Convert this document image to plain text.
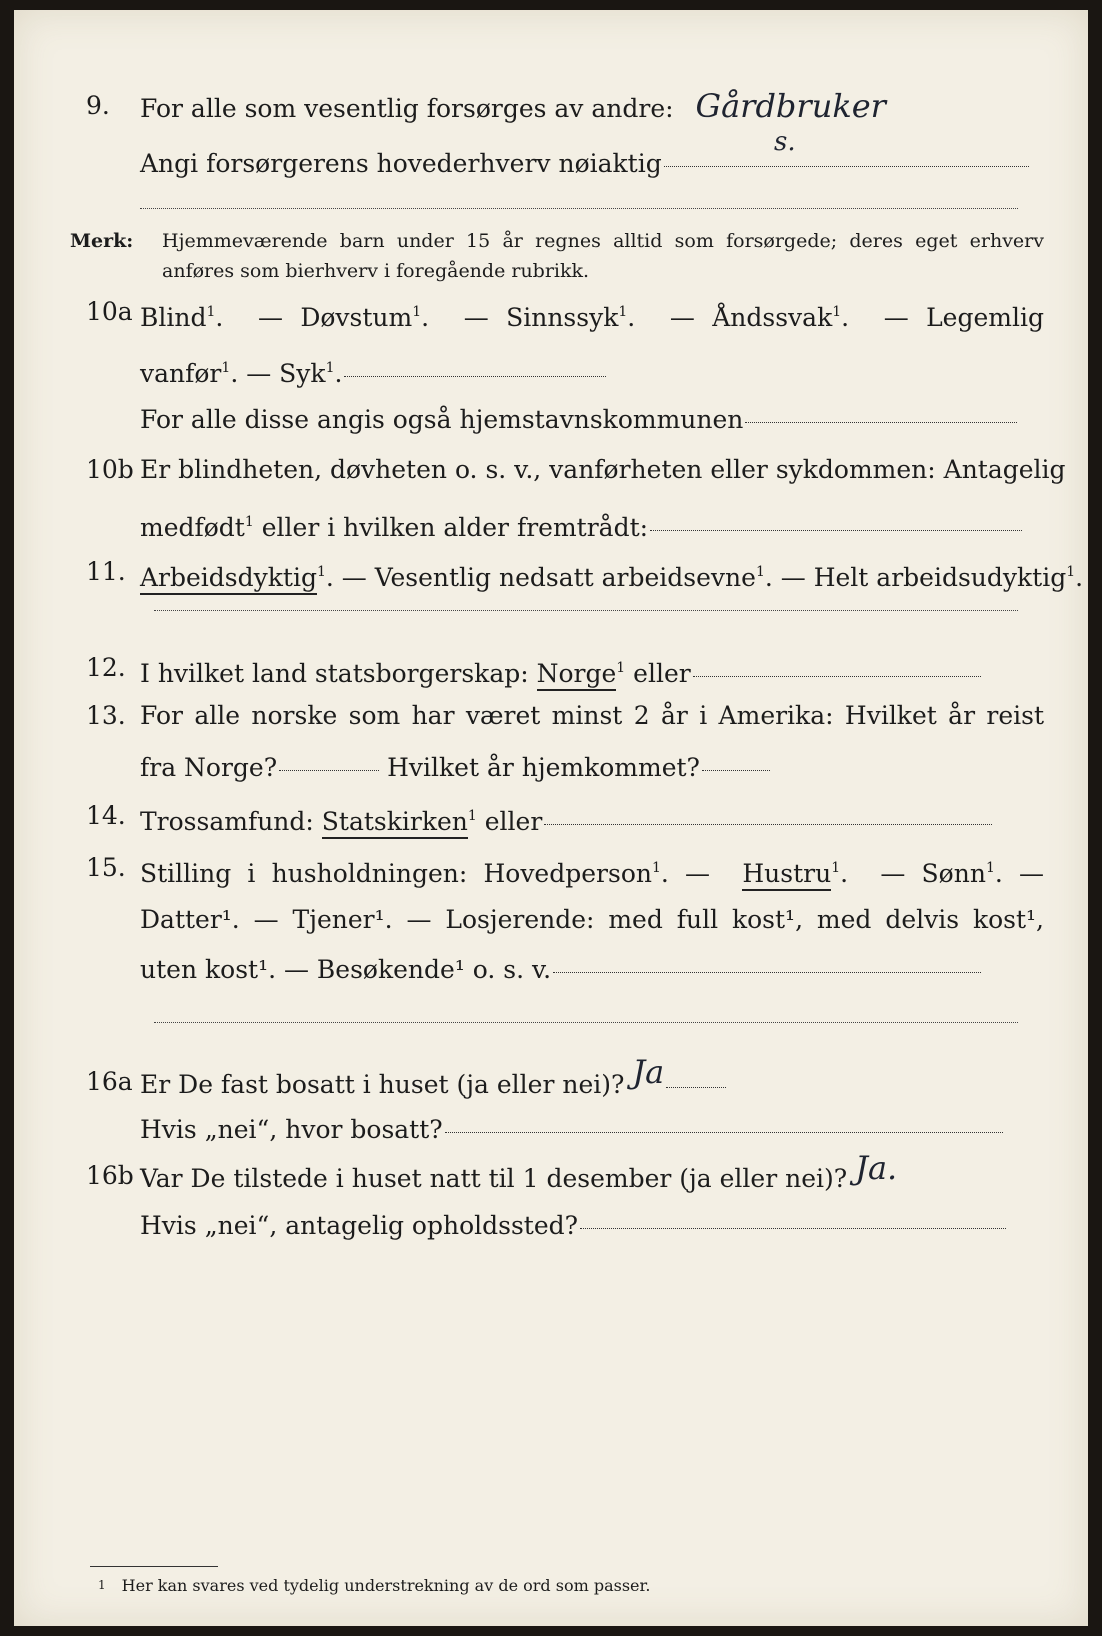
9. For alle som vesentlig forsørges av andre: Gårdbruker
s.
Angi forsørgerens hovederhverv nøiaktig
Merk: Hjemmeværende barn under 15 år regnes alltid som forsørgede; deres eget erhverv
anføres som bierhverv i foregående rubrikk.
10a Blind$^1$.  — Døvstum$^1$.  — Sinnssyk$^1$.  — Åndssvak$^1$.  — Legemlig
vanfør$^1$. — Syk$^1$.
For alle disse angis også hjemstavnskommunen
10b Er blindheten, døvheten o. s. v., vanførheten eller sykdommen: Antagelig
medfødt$^1$ eller i hvilken alder fremtrådt:
11. Arbeidsdyktig$^1$. — Vesentlig nedsatt arbeidsevne$^1$. — Helt arbeidsudyktig$^1$.
12. I hvilket land statsborgerskap: Norge$^1$ eller
13. For alle norske som har været minst 2 år i Amerika: Hvilket år reist
fra Norge?	Hvilket år hjemkommet?
14. Trossamfund: Statskirken$^1$ eller
15. Stilling i husholdningen: Hovedperson$^1$. —  Hustru$^1$.  — Sønn$^1$. —
Datter¹. — Tjener¹. — Losjerende: med full kost¹, med delvis kost¹,
uten kost¹. — Besøkende¹ o. s. v.
16a Er De fast bosatt i huset (ja eller nei)? Ja
Hvis „nei“, hvor bosatt?
16b Var De tilstede i huset natt til 1 desember (ja eller nei)? Ja.
Hvis „nei“, antagelig opholdssted?
1 Her kan svares ved tydelig understrekning av de ord som passer.
